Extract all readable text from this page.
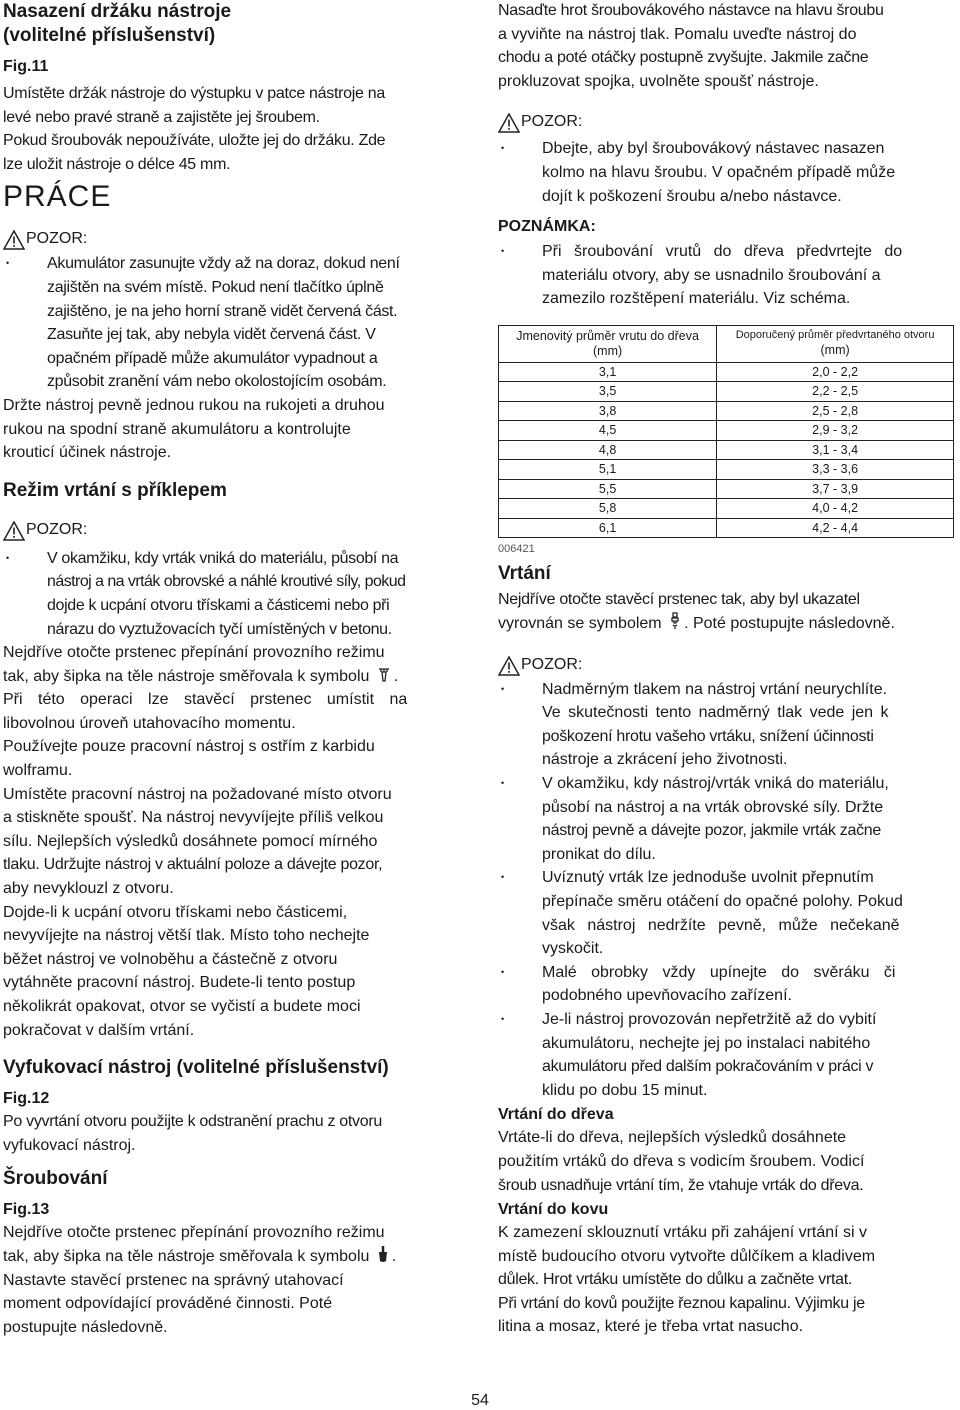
Nasazení držáku nástroje
(volitelné příslušenství)
Fig.11

Umístěte držák nástroje do výstupku v patce nástroje na

levé nebo pravé straně a zajistěte jej šroubem.

Pokud šroubovák nepoužíváte, uložte jej do držáku. Zde

lze uložit nástroje o délce 45 mm.

PRÁCE
POZOR:
• Akumulátor zasunujte vždy až na doraz, dokud není
zajištěn na svém místě. Pokud není tlačítko úplně
zajištěno, je na jeho horní straně vidět červená část.
Zasuňte jej tak, aby nebyla vidět červená část. V
opačném případě může akumulátor vypadnout a
způsobit zranění vám nebo okolostojícím osobám.

Držte nástroj pevně jednou rukou na rukojeti a druhou

rukou na spodní straně akumulátoru a kontrolujte

krouticí účinek nástroje.

Režim vrtání s příklepem
POZOR:
• V okamžiku, kdy vrták vniká do materiálu, působí na
nástroj a na vrták obrovské a náhlé kroutivé síly, pokud
dojde k ucpání otvoru třískami a částicemi nebo při
nárazu do vyztužovacích tyčí umístěných v betonu.

Nejdříve otočte prstenec přepínání provozního režimu

tak, aby šipka na těle nástroje směřovala k symbolu .

Při této operaci lze stavěcí prstenec umístit na

libovolnou úroveň utahovacího momentu.

Používejte pouze pracovní nástroj s ostřím z karbidu

wolframu.

Umístěte pracovní nástroj na požadované místo otvoru

a stiskněte spoušť. Na nástroj nevyvíjejte příliš velkou

sílu. Nejlepších výsledků dosáhnete pomocí mírného

tlaku. Udržujte nástroj v aktuální poloze a dávejte pozor,

aby nevyklouzl z otvoru.

Dojde-li k ucpání otvoru třískami nebo částicemi,

nevyvíjejte na nástroj větší tlak. Místo toho nechejte

běžet nástroj ve volnoběhu a částečně z otvoru

vytáhněte pracovní nástroj. Budete-li tento postup

několikrát opakovat, otvor se vyčistí a budete moci

pokračovat v dalším vrtání.

Vyfukovací nástroj (volitelné příslušenství)
Fig.12

Po vyvrtání otvoru použijte k odstranění prachu z otvoru

vyfukovací nástroj.

Šroubování
Fig.13

Nejdříve otočte prstenec přepínání provozního režimu

tak, aby šipka na těle nástroje směřovala k symbolu .

Nastavte stavěcí prstenec na správný utahovací

moment odpovídající prováděné činnosti. Poté

postupujte následovně.

Nasaďte hrot šroubovákového nástavce na hlavu šroubu

a vyviňte na nástroj tlak. Pomalu uveďte nástroj do

chodu a poté otáčky postupně zvyšujte. Jakmile začne

prokluzovat spojka, uvolněte spoušť nástroje.

POZOR:
• Dbejte, aby byl šroubovákový nástavec nasazen
kolmo na hlavu šroubu. V opačném případě může
dojít k poškození šroubu a/nebo nástavce.
POZNÁMKA:
• Při šroubování vrutů do dřeva předvrtejte do
materiálu otvory, aby se usnadnilo šroubování a
zamezilo rozštěpení materiálu. Viz schéma.
Jmenovitý průměr vrutu do dřeva
(mm)	Doporučený průměr předvrtaného otvoru
(mm)
3,1	2,0 - 2,2
3,5	2,2 - 2,5
3,8	2,5 - 2,8
4,5	2,9 - 3,2
4,8	3,1 - 3,4
5,1	3,3 - 3,6
5,5	3,7 - 3,9
5,8	4,0 - 4,2
6,1	4,2 - 4,4
006421
Vrtání

Nejdříve otočte stavěcí prstenec tak, aby byl ukazatel

vyrovnán se symbolem . Poté postupujte následovně.

POZOR:
• Nadměrným tlakem na nástroj vrtání neurychlíte.
Ve skutečnosti tento nadměrný tlak vede jen k
poškození hrotu vašeho vrtáku, snížení účinnosti
nástroje a zkrácení jeho životnosti.
• V okamžiku, kdy nástroj/vrták vniká do materiálu,
působí na nástroj a na vrták obrovské síly. Držte
nástroj pevně a dávejte pozor, jakmile vrták začne
pronikat do dílu.
• Uvíznutý vrták lze jednoduše uvolnit přepnutím
přepínače směru otáčení do opačné polohy. Pokud
však nástroj nedržíte pevně, může nečekaně
vyskočit.
• Malé obrobky vždy upínejte do svěráku či
podobného upevňovacího zařízení.
• Je-li nástroj provozován nepřetržitě až do vybití
akumulátoru, nechejte jej po instalaci nabitého
akumulátoru před dalším pokračováním v práci v
klidu po dobu 15 minut.
Vrtání do dřeva

Vrtáte-li do dřeva, nejlepších výsledků dosáhnete

použitím vrtáků do dřeva s vodicím šroubem. Vodicí

šroub usnadňuje vrtání tím, že vtahuje vrták do dřeva.

Vrtání do kovu

K zamezení sklouznutí vrtáku při zahájení vrtání si v

místě budoucího otvoru vytvořte důlčíkem a kladivem

důlek. Hrot vrtáku umístěte do důlku a začněte vrtat.

Při vrtání do kovů použijte řeznou kapalinu. Výjimku je

litina a mosaz, které je třeba vrtat nasucho.

54
